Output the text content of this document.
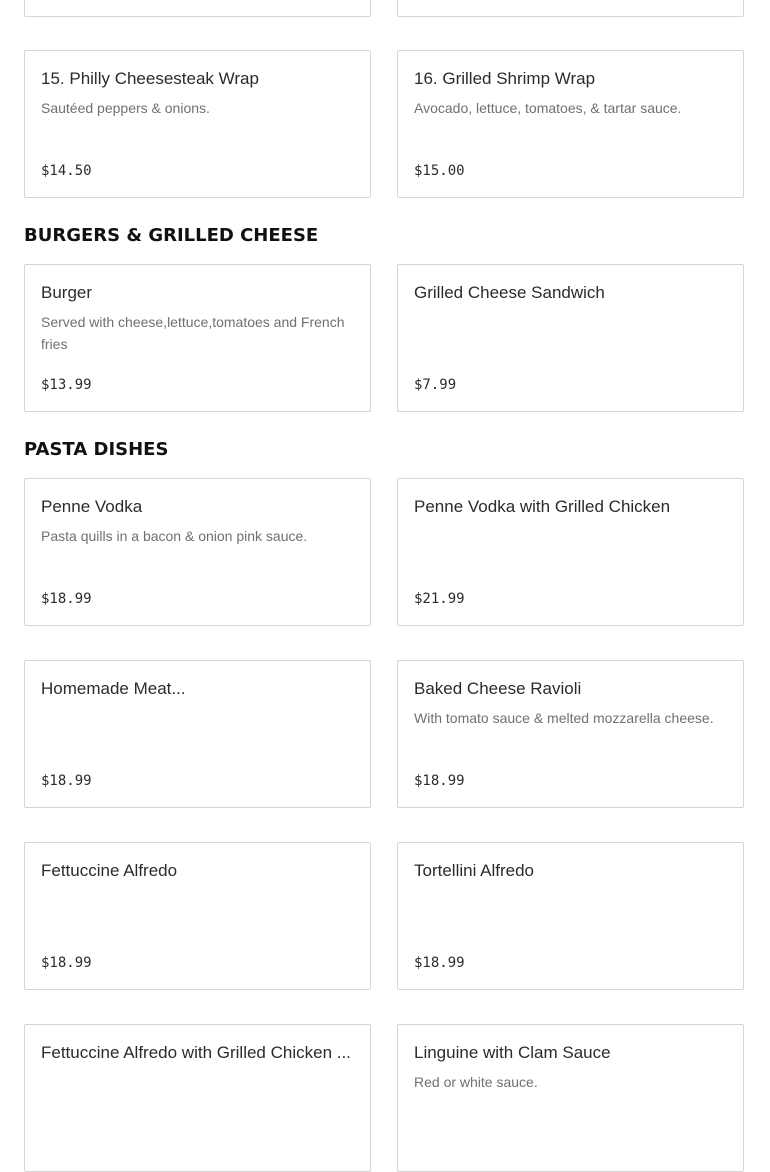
15. Philly Cheesesteak Wrap
Sautéed peppers & onions.
$14.50
16. Grilled Shrimp Wrap
Avocado, lettuce, tomatoes, & tartar sauce.
$15.00
BURGERS & GRILLED CHEESE
Burger
Served with cheese,lettuce,tomatoes and French fries
$13.99
Grilled Cheese Sandwich
$7.99
PASTA DISHES
Penne Vodka
Pasta quills in a bacon & onion pink sauce.
$18.99
Penne Vodka with Grilled Chicken
$21.99
Homemade Meat...
$18.99
Baked Cheese Ravioli
With tomato sauce & melted mozzarella cheese.
$18.99
Fettuccine Alfredo
$18.99
Tortellini Alfredo
$18.99
Fettuccine Alfredo with Grilled Chicken ...	Linguine with Clam Sauce
Red or white sauce.
